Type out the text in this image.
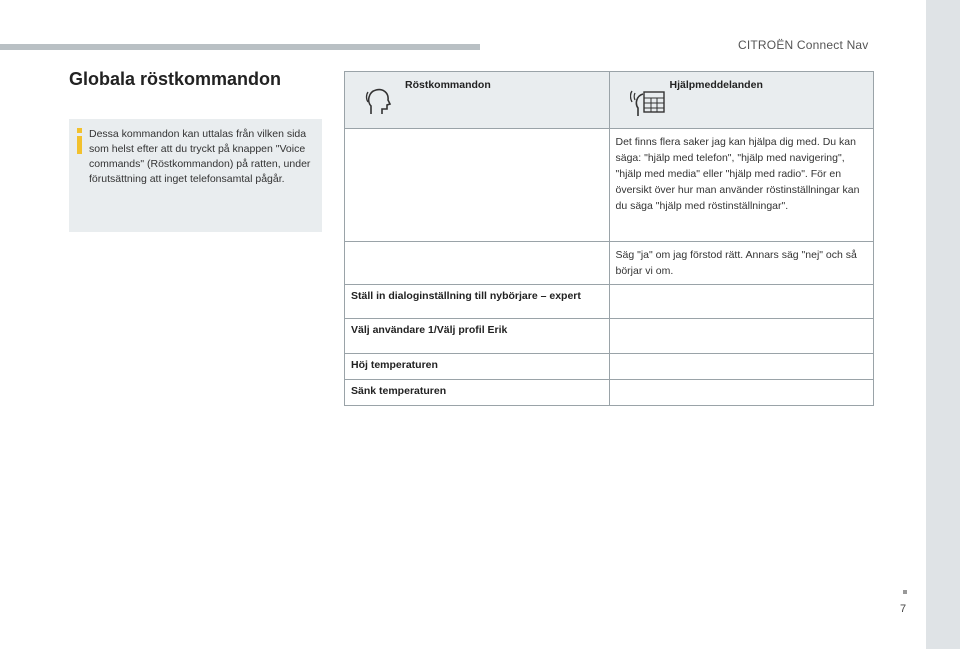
CITROËN Connect Nav
Globala röstkommandon

Dessa kommandon kan uttalas från vilken sida som helst efter att du tryckt på knappen "Voice commands" (Röstkommandon) på ratten, under förutsättning att inget telefonsamtal pågår.

Röstkommandon	Hjälpmeddelanden

	Det finns flera saker jag kan hjälpa dig med. Du kan säga: "hjälp med telefon", "hjälp med navigering", "hjälp med media" eller "hjälp med radio". För en översikt över hur man använder röstinställningar kan du säga "hjälp med röstinställningar".

	Säg "ja" om jag förstod rätt. Annars säg "nej" och så börjar vi om.

Ställ in dialoginställning till nybörjare – expert	
Välj användare 1/Välj profil Erik	
Höj temperaturen	
Sänk temperaturen	
7
